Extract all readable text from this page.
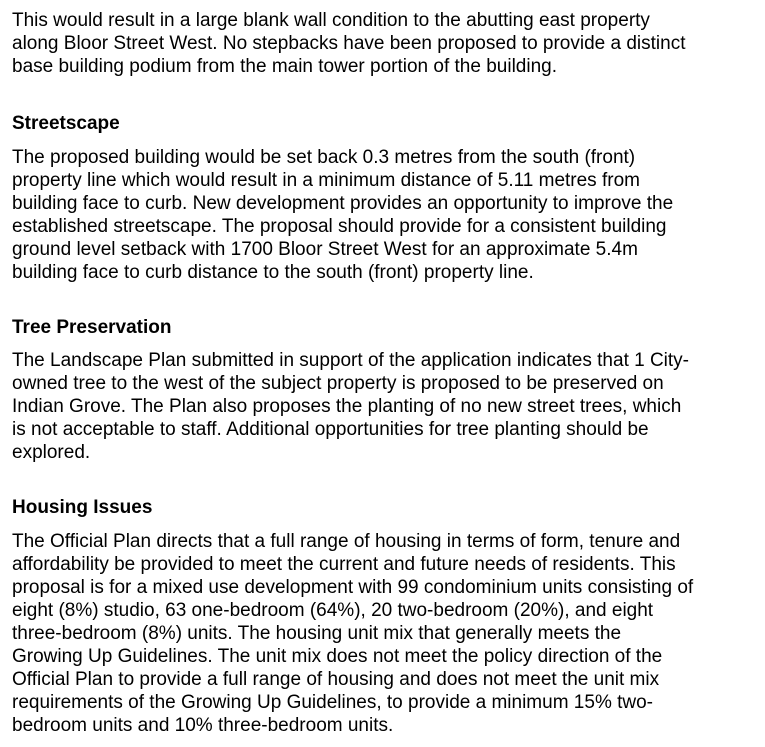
This would result in a large blank wall condition to the abutting east property
along Bloor Street West. No stepbacks have been proposed to provide a distinct
base building podium from the main tower portion of the building.
Streetscape
The proposed building would be set back 0.3 metres from the south (front)
property line which would result in a minimum distance of 5.11 metres from
building face to curb. New development provides an opportunity to improve the
established streetscape. The proposal should provide for a consistent building
ground level setback with 1700 Bloor Street West for an approximate 5.4m
building face to curb distance to the south (front) property line.
Tree Preservation
The Landscape Plan submitted in support of the application indicates that 1 City-
owned tree to the west of the subject property is proposed to be preserved on
Indian Grove. The Plan also proposes the planting of no new street trees, which
is not acceptable to staff. Additional opportunities for tree planting should be
explored.
Housing Issues
The Official Plan directs that a full range of housing in terms of form, tenure and
affordability be provided to meet the current and future needs of residents. This
proposal is for a mixed use development with 99 condominium units consisting of
eight (8%) studio, 63 one-bedroom (64%), 20 two-bedroom (20%), and eight
three-bedroom (8%) units. The housing unit mix that generally meets the
Growing Up Guidelines. The unit mix does not meet the policy direction of the
Official Plan to provide a full range of housing and does not meet the unit mix
requirements of the Growing Up Guidelines, to provide a minimum 15% two-
bedroom units and 10% three-bedroom units.
